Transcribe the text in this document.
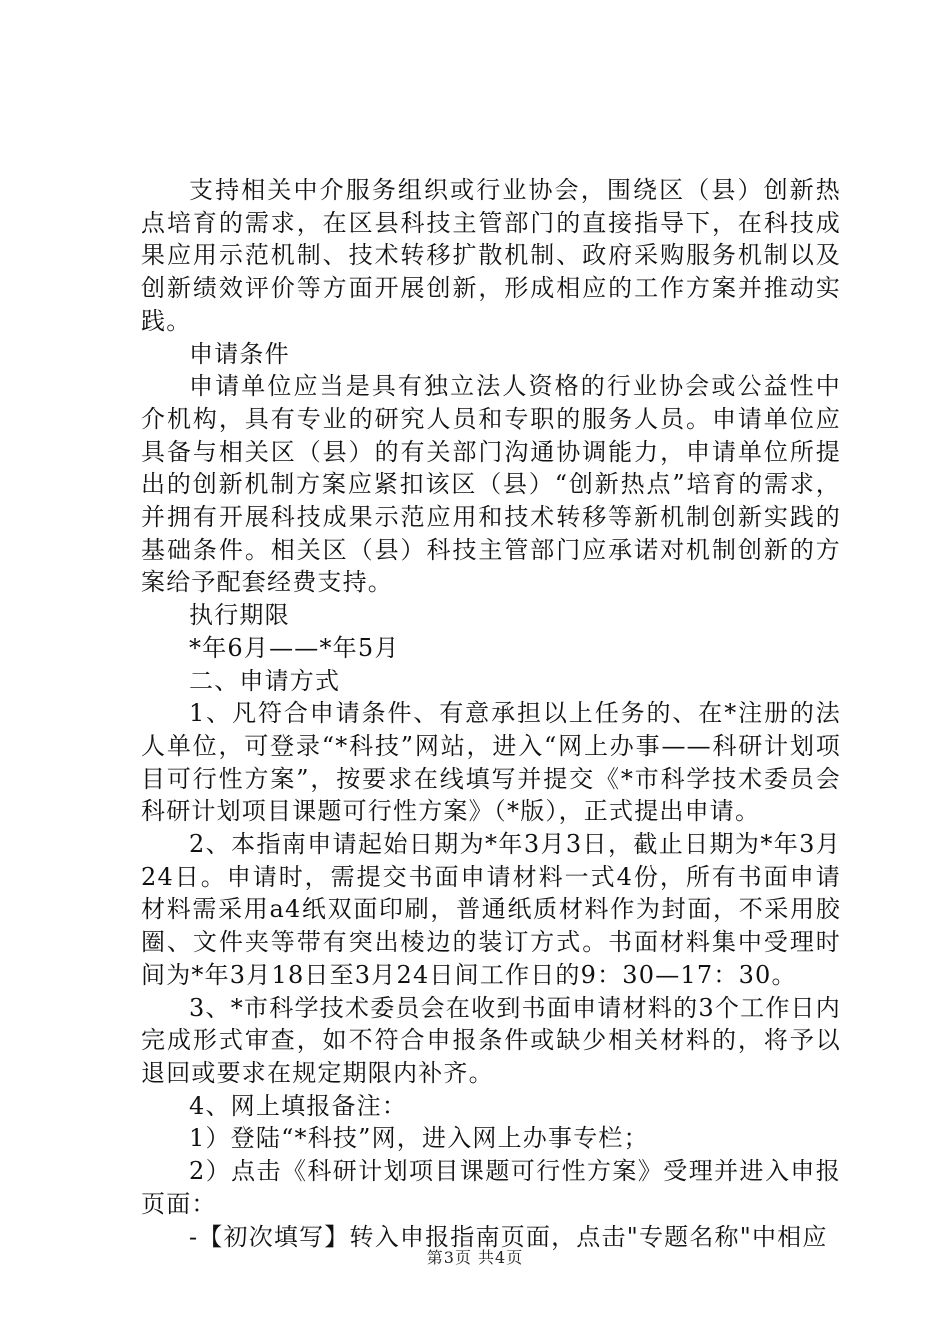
支持相关中介服务组织或行业协会，围绕区（县）创新热点培育的需求，在区县科技主管部门的直接指导下，在科技成果应用示范机制、技术转移扩散机制、政府采购服务机制以及创新绩效评价等方面开展创新，形成相应的工作方案并推动实践。

申请条件

申请单位应当是具有独立法人资格的行业协会或公益性中介机构，具有专业的研究人员和专职的服务人员。申请单位应具备与相关区（县）的有关部门沟通协调能力，申请单位所提出的创新机制方案应紧扣该区（县）“创新热点”培育的需求，并拥有开展科技成果示范应用和技术转移等新机制创新实践的基础条件。相关区（县）科技主管部门应承诺对机制创新的方案给予配套经费支持。

执行期限

*年6月——*年5月

二、申请方式

1、凡符合申请条件、有意承担以上任务的、在*注册的法人单位，可登录“*科技”网站，进入“网上办事——科研计划项目可行性方案”，按要求在线填写并提交《*市科学技术委员会科研计划项目课题可行性方案》（*版），正式提出申请。

2、本指南申请起始日期为*年3月3日，截止日期为*年3月24日。申请时，需提交书面申请材料一式4份，所有书面申请材料需采用a4纸双面印刷，普通纸质材料作为封面，不采用胶圈、文件夹等带有突出棱边的装订方式。书面材料集中受理时间为*年3月18日至3月24日间工作日的9：30—17：30。

3、*市科学技术委员会在收到书面申请材料的3个工作日内完成形式审查，如不符合申报条件或缺少相关材料的，将予以退回或要求在规定期限内补齐。

4、网上填报备注：

1）登陆“*科技”网，进入网上办事专栏；

2）点击《科研计划项目课题可行性方案》受理并进入申报页面：

-【初次填写】转入申报指南页面，点击"专题名称"中相应

第3页 共4页
